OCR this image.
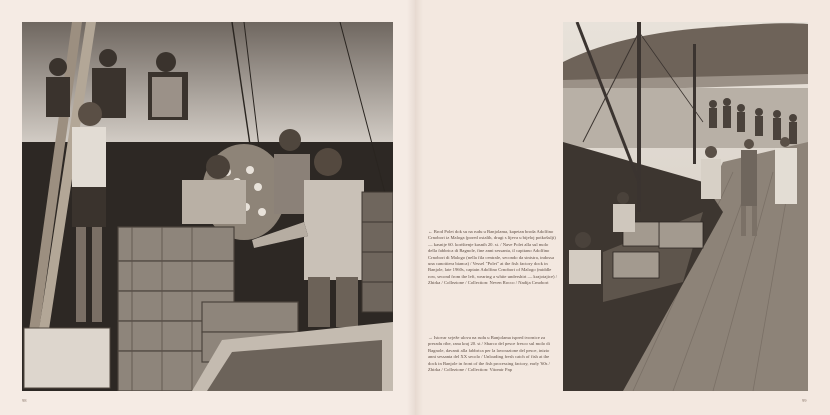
← Brod Polet dok su na rudu u Banjolama, kapetan broda Adolfino Crnobori iz Maloga (pored ostalih, drugi s lijeva u bijeloj potkošulji) — kasnije 60. korištenje kasnih 20. st. / Nave Polet alla sul molo della fabbrica di Bagnole, fine anni sessanta, il capitano Adolfino Crnobori di Malogo (nella fila centrale, secondo da sinistra, indossa una canottiera bianca) / Vessel "Polet" at the fish factory dock in Banjole, late 1960s, captain Adolfino Crnobori of Malogo (middle row, second from the left, wearing a white undershirt — krajotajice) / Zbirka / Collezione / Collection: Neven Rocco / Nadija Crnobori
→ Istovar svježe ulova na rudu u Banjolama ispred tvornice za preradu ribe, rana kraj 20. st / Sbarco del pesce fresco sul molo di Bagnole, davanti alla fabbrica per la lavorazione del pesce, inizio anni sessanta del XX secolo / Unloading fresh catch of fish at the dock in Banjole in front of the fish processing factory, early '60s / Zbirka / Collezione / Collection: Vitomir Pap
98	99
